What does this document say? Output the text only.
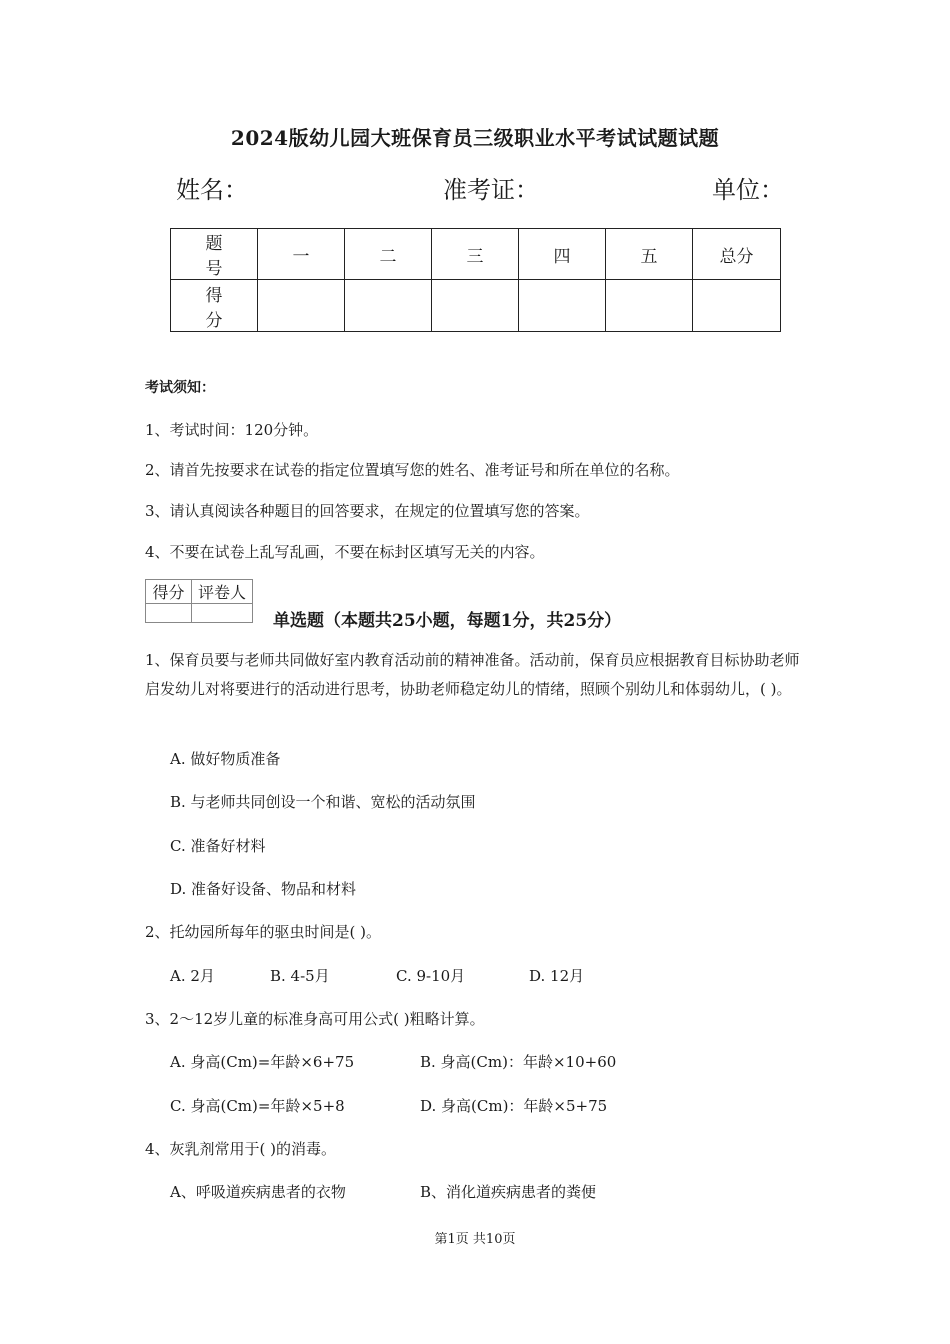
2024版幼儿园大班保育员三级职业水平考试试题试题
姓名：	准考证：	单位：
题 号	一	二	三	四	五	总分
得 分						
考试须知：
1、考试时间：120分钟。
2、请首先按要求在试卷的指定位置填写您的姓名、准考证号和所在单位的名称。
3、请认真阅读各种题目的回答要求，在规定的位置填写您的答案。
4、不要在试卷上乱写乱画，不要在标封区填写无关的内容。
得分	评卷人

单选题（本题共25小题，每题1分，共25分）
1、保育员要与老师共同做好室内教育活动前的精神准备。活动前，保育员应根据教育目标协助老师启发幼儿对将要进行的活动进行思考，协助老师稳定幼儿的情绪，照顾个别幼儿和体弱幼儿，( )。
A. 做好物质准备
B. 与老师共同创设一个和谐、宽松的活动氛围
C. 准备好材料
D. 准备好设备、物品和材料
2、托幼园所每年的驱虫时间是( )。
A. 2月	B. 4-5月	C. 9-10月	D. 12月
3、2～12岁儿童的标准身高可用公式( )粗略计算。
A. 身高(Cm)=年龄×6+75	B. 身高(Cm)：年龄×10+60
C. 身高(Cm)=年龄×5+8	D. 身高(Cm)：年龄×5+75
4、灰乳剂常用于( )的消毒。
A、呼吸道疾病患者的衣物	B、消化道疾病患者的粪便
第1页 共10页
